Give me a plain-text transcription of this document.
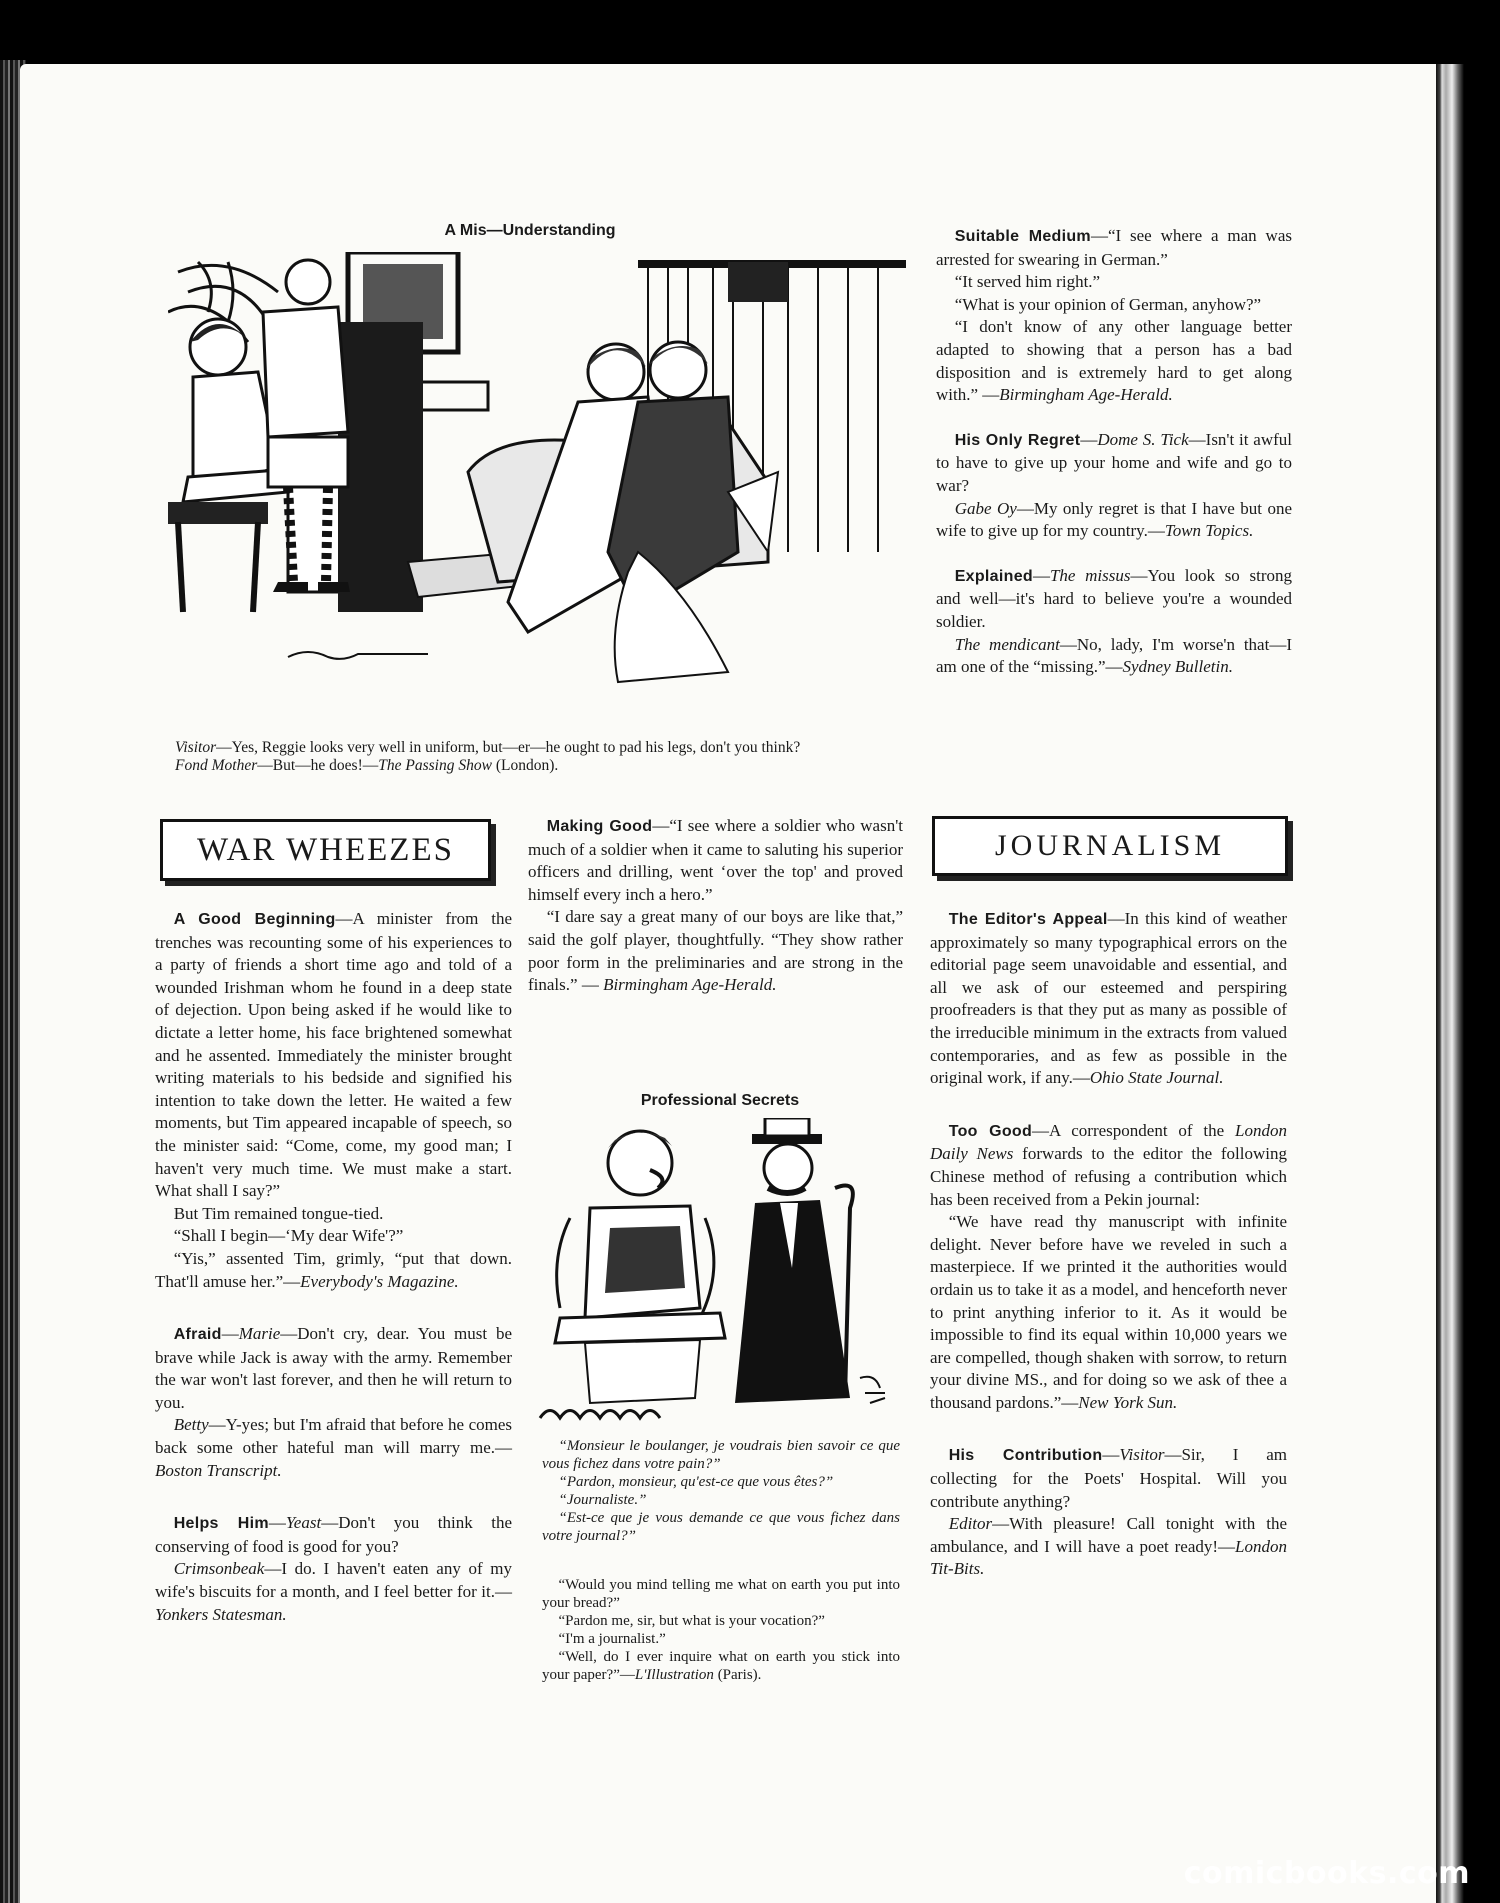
A Mis—Understanding

Visitor—Yes, Reggie looks very well in uniform, but—er—he ought to pad his legs, don't you think?

Fond Mother—But—he does!—The Passing Show (London).

WAR WHEEZES

A Good Beginning—A minister from the trenches was recounting some of his experiences to a party of friends a short time ago and told of a wounded Irishman whom he found in a deep state of dejection. Upon being asked if he would like to dictate a letter home, his face brightened somewhat and he assented. Immediately the minister brought writing materials to his bedside and signified his intention to take down the letter. He waited a few moments, but Tim appeared incapable of speech, so the minister said: “Come, come, my good man; I haven't very much time. We must make a start. What shall I say?”

But Tim remained tongue-tied.

“Shall I begin—‘My dear Wife'?”

“Yis,” assented Tim, grimly, “put that down. That'll amuse her.”—Everybody's Magazine.

Afraid—Marie—Don't cry, dear. You must be brave while Jack is away with the army. Remember the war won't last forever, and then he will return to you.

Betty—Y-yes; but I'm afraid that before he comes back some other hateful man will marry me.—Boston Transcript.

Helps Him—Yeast—Don't you think the conserving of food is good for you?

Crimsonbeak—I do. I haven't eaten any of my wife's biscuits for a month, and I feel better for it.—Yonkers Statesman.

Making Good—“I see where a soldier who wasn't much of a soldier when it came to saluting his superior officers and drilling, went ‘over the top' and proved himself every inch a hero.”

“I dare say a great many of our boys are like that,” said the golf player, thoughtfully. “They show rather poor form in the preliminaries and are strong in the finals.” — Birmingham Age-Herald.

Professional Secrets

“Monsieur le boulanger, je voudrais bien savoir ce que vous fichez dans votre pain?”

“Pardon, monsieur, qu'est-ce que vous êtes?”

“Journaliste.”

“Est-ce que je vous demande ce que vous fichez dans votre journal?”

“Would you mind telling me what on earth you put into your bread?”

“Pardon me, sir, but what is your vocation?”

“I'm a journalist.”

“Well, do I ever inquire what on earth you stick into your paper?”—L'Illustration (Paris).

Suitable Medium—“I see where a man was arrested for swearing in German.”

“It served him right.”

“What is your opinion of German, anyhow?”

“I don't know of any other language better adapted to showing that a person has a bad disposition and is extremely hard to get along with.” —Birmingham Age-Herald.

His Only Regret—Dome S. Tick—Isn't it awful to have to give up your home and wife and go to war?

Gabe Oy—My only regret is that I have but one wife to give up for my country.—Town Topics.

Explained—The missus—You look so strong and well—it's hard to believe you're a wounded soldier.

The mendicant—No, lady, I'm worse'n that—I am one of the “missing.”—Sydney Bulletin.

JOURNALISM

The Editor's Appeal—In this kind of weather approximately so many typographical errors on the editorial page seem unavoidable and essential, and all we ask of our esteemed and perspiring proofreaders is that they put as many as possible of the irreducible minimum in the extracts from valued contemporaries, and as few as possible in the original work, if any.—Ohio State Journal.

Too Good—A correspondent of the London Daily News forwards to the editor the following Chinese method of refusing a contribution which has been received from a Pekin journal:

“We have read thy manuscript with infinite delight. Never before have we reveled in such a masterpiece. If we printed it the authorities would ordain us to take it as a model, and henceforth never to print anything inferior to it. As it would be impossible to find its equal within 10,000 years we are compelled, though shaken with sorrow, to return your divine MS., and for doing so we ask of thee a thousand pardons.”—New York Sun.

His Contribution—Visitor—Sir, I am collecting for the Poets' Hospital. Will you contribute anything?

Editor—With pleasure! Call tonight with the ambulance, and I will have a poet ready!—London Tit-Bits.

comicbooks.com
